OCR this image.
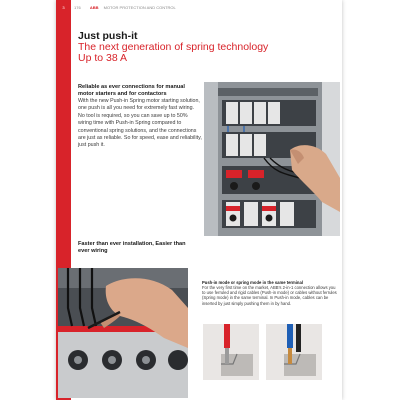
3	176 ABB MOTOR PROTECTION AND CONTROL
Just push-it
The next generation of spring technology
Up to 38 A
Reliable as ever connections for manual motor starters and for contactors
With the new Push-in Spring motor starting solution, one push is all you need for extremely fast wiring. No tool is required, so you can save up to 50% wiring time with Push-in Spring compared to conventional spring solutions, and the connections are just as reliable. So for speed, ease and reliability, just push it.
Faster than ever installation, Easier than ever wiring
Push-in mode or spring mode in the same terminal
For the very first time on the market, ABB's 2-in-1 connection allows you to use ferruled and rigid cables (Push-in mode) or cables without ferrules (Spring mode) in the same terminal. In Push-in mode, cables can be inserted by just simply pushing them in by hand.
